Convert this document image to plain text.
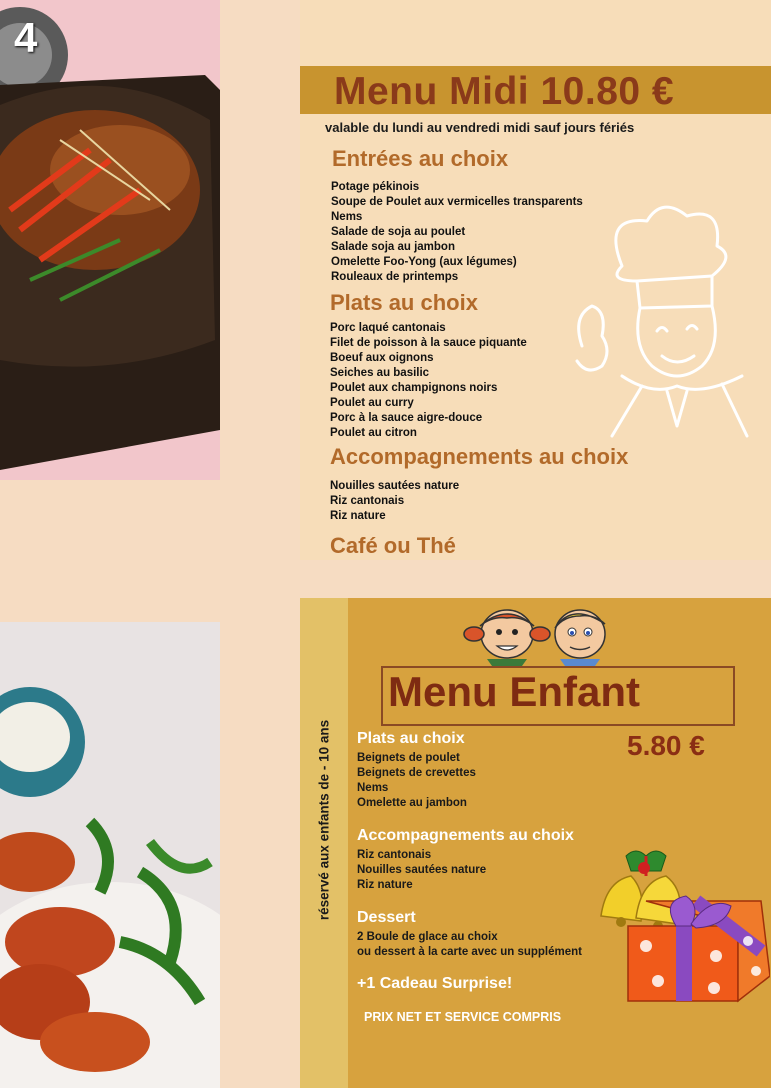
4
Menu Midi 10.80 €
valable du lundi au vendredi midi sauf jours fériés
Entrées au choix
Potage pékinois
Soupe de Poulet aux vermicelles transparents
Nems
Salade de soja au poulet
Salade soja au jambon
Omelette Foo-Yong (aux légumes)
Rouleaux de printemps
Plats au choix
Porc laqué cantonais
Filet de poisson à la sauce piquante
Boeuf aux oignons
Seiches au basilic
Poulet aux champignons noirs
Poulet au curry
Porc à la sauce aigre-douce
Poulet au citron
Accompagnements au choix
Nouilles sautées nature
Riz cantonais
Riz nature
Café ou Thé
réservé aux enfants de - 10 ans
Menu Enfant
5.80 €
Plats au choix
Beignets de poulet
Beignets de crevettes
Nems
Omelette au jambon
Accompagnements au choix
Riz cantonais
Nouilles sautées nature
Riz nature
Dessert
2 Boule de glace au choix
ou dessert à la carte avec un supplément
+1 Cadeau Surprise!
PRIX NET ET SERVICE COMPRIS
